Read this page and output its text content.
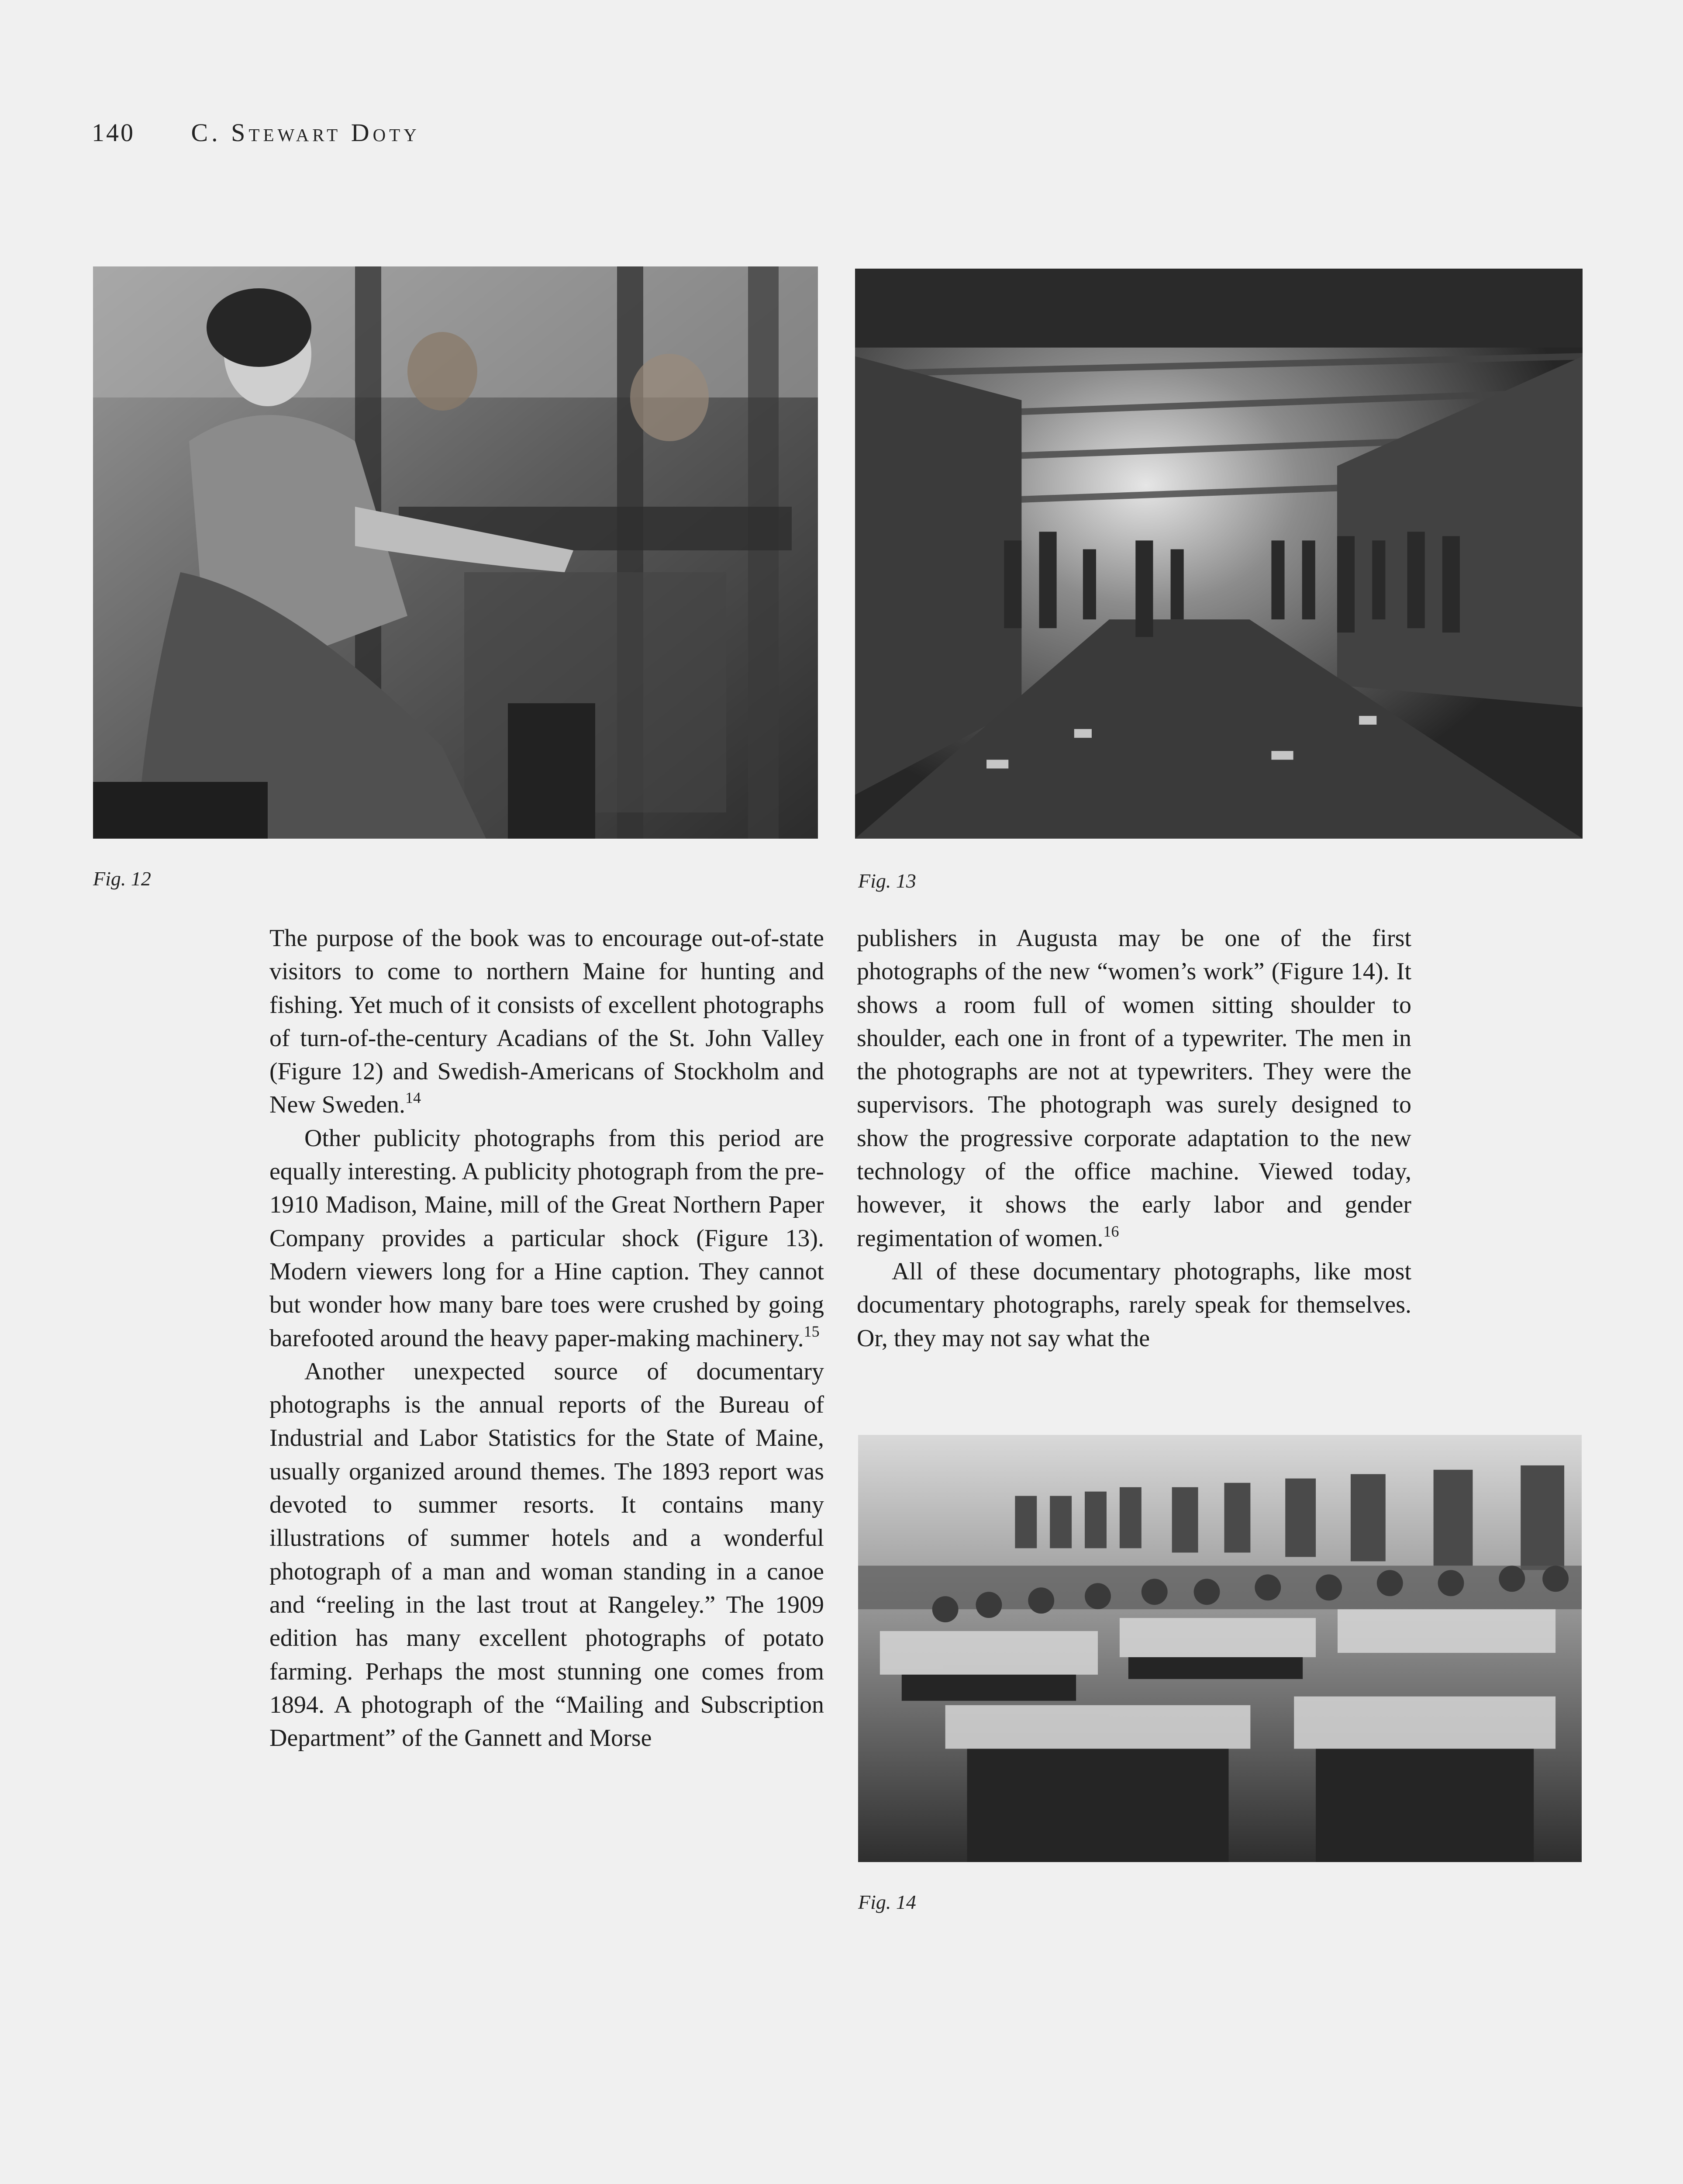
140 C. Stewart Doty
Fig. 12	Fig. 13

The purpose of the book was to encourage out-of-state visitors to come to northern Maine for hunting and fishing. Yet much of it consists of excellent photographs of turn-of-the-century Acadians of the St. John Valley (Figure 12) and Swedish-Americans of Stockholm and New Sweden.$^{14}$

Other publicity photographs from this period are equally interesting. A publicity photograph from the pre-1910 Madison, Maine, mill of the Great Northern Paper Company provides a particular shock (Figure 13). Modern viewers long for a Hine caption. They cannot but wonder how many bare toes were crushed by going barefooted around the heavy paper-making machinery.$^{15}$

Another unexpected source of documentary photographs is the annual reports of the Bureau of Industrial and Labor Statistics for the State of Maine, usually organized around themes. The 1893 report was devoted to summer resorts. It contains many illustrations of summer hotels and a wonderful photograph of a man and woman standing in a canoe and “reeling in the last trout at Rangeley.” The 1909 edition has many excellent photographs of potato farming. Perhaps the most stunning one comes from 1894. A photograph of the “Mailing and Subscription Department” of the Gannett and Morse

publishers in Augusta may be one of the first photographs of the new “women’s work” (Figure 14). It shows a room full of women sitting shoulder to shoulder, each one in front of a typewriter. The men in the photographs are not at typewriters. They were the supervisors. The photograph was surely designed to show the progressive corporate adaptation to the new technology of the office machine. Viewed today, however, it shows the early labor and gender regimentation of women.$^{16}$

All of these documentary photographs, like most documentary photographs, rarely speak for themselves. Or, they may not say what the

Fig. 14
